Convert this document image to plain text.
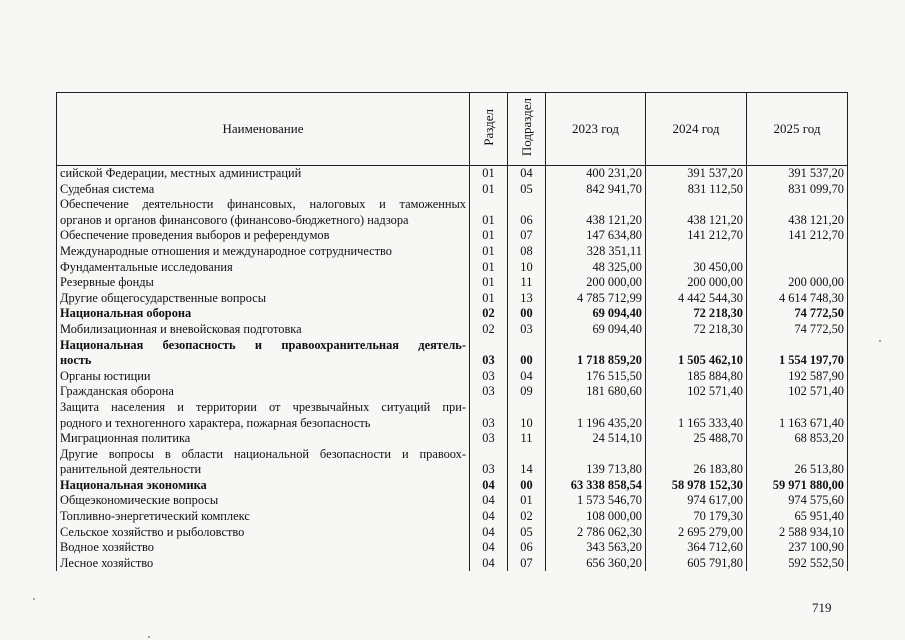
Наименование	Раздел	Подраздел	2023 год	2024 год	2025 год
сийской Федерации, местных администраций	01	04	400 231,20	391 537,20	391 537,20
Судебная система	01	05	842 941,70	831 112,50	831 099,70
Обеспечение деятельности финансовых, налоговых и таможенных					
органов и органов финансового (финансово-бюджетного) надзора	01	06	438 121,20	438 121,20	438 121,20
Обеспечение проведения выборов и референдумов	01	07	147 634,80	141 212,70	141 212,70
Международные отношения и международное сотрудничество	01	08	328 351,11		
Фундаментальные исследования	01	10	48 325,00	30 450,00	
Резервные фонды	01	11	200 000,00	200 000,00	200 000,00
Другие общегосударственные вопросы	01	13	4 785 712,99	4 442 544,30	4 614 748,30
Национальная оборона	02	00	69 094,40	72 218,30	74 772,50
Мобилизационная и вневойсковая подготовка	02	03	69 094,40	72 218,30	74 772,50
Национальная безопасность и правоохранительная деятель-					
ность	03	00	1 718 859,20	1 505 462,10	1 554 197,70
Органы юстиции	03	04	176 515,50	185 884,80	192 587,90
Гражданская оборона	03	09	181 680,60	102 571,40	102 571,40
Защита населения и территории от чрезвычайных ситуаций при-					
родного и техногенного характера, пожарная безопасность	03	10	1 196 435,20	1 165 333,40	1 163 671,40
Миграционная политика	03	11	24 514,10	25 488,70	68 853,20
Другие вопросы в области национальной безопасности и правоох-					
ранительной деятельности	03	14	139 713,80	26 183,80	26 513,80
Национальная экономика	04	00	63 338 858,54	58 978 152,30	59 971 880,00
Общеэкономические вопросы	04	01	1 573 546,70	974 617,00	974 575,60
Топливно-энергетический комплекс	04	02	108 000,00	70 179,30	65 951,40
Сельское хозяйство и рыболовство	04	05	2 786 062,30	2 695 279,00	2 588 934,10
Водное хозяйство	04	06	343 563,20	364 712,60	237 100,90
Лесное хозяйство	04	07	656 360,20	605 791,80	592 552,50
719
